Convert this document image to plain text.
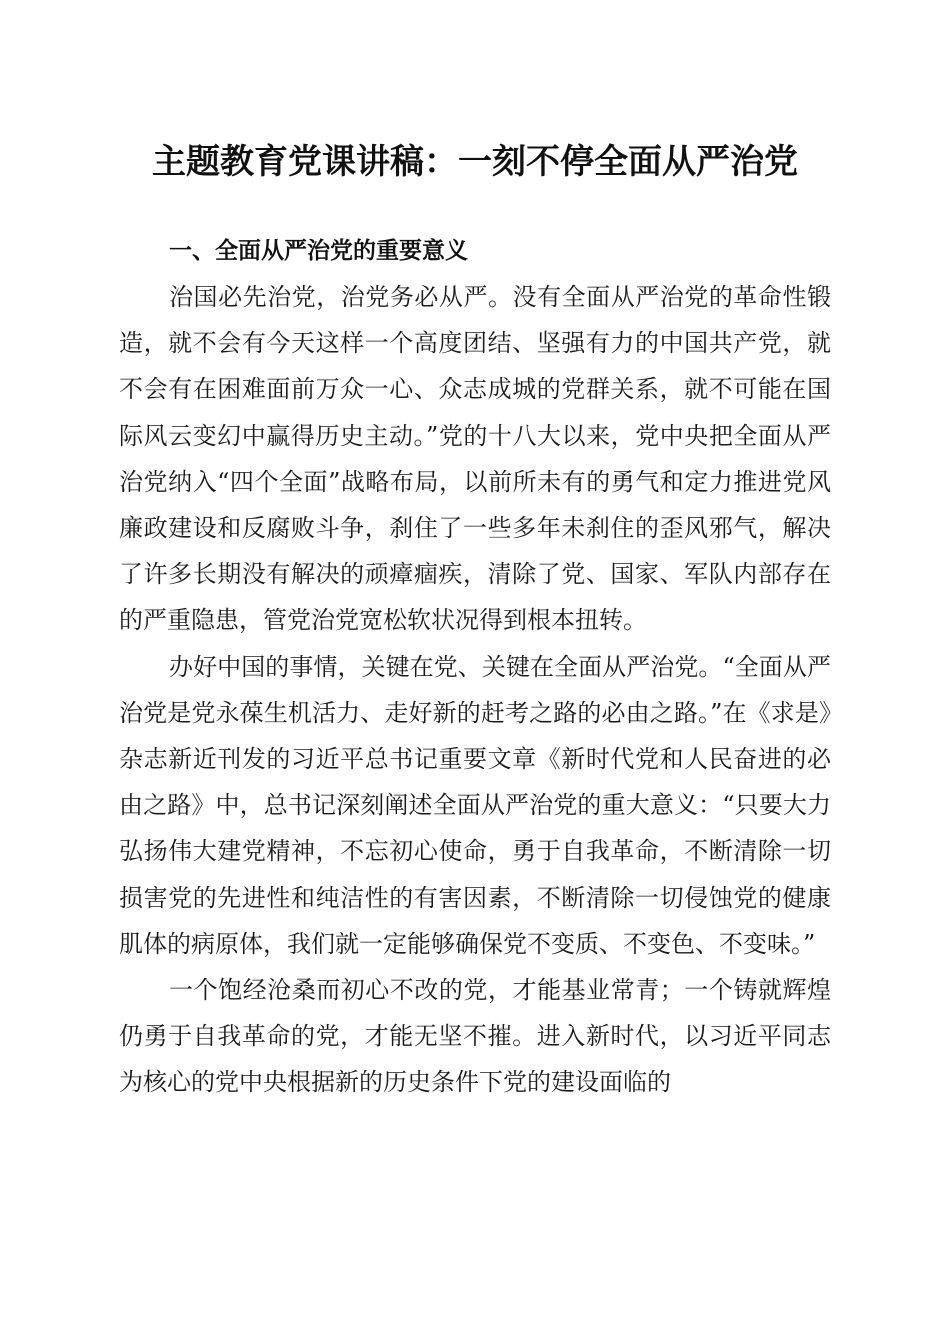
主题教育党课讲稿：一刻不停全面从严治党
一、全面从严治党的重要意义

治国必先治党，治党务必从严。没有全面从严治党的革命性锻造，就不会有今天这样一个高度团结、坚强有力的中国共产党，就不会有在困难面前万众一心、众志成城的党群关系，就不可能在国际风云变幻中赢得历史主动。”党的十八大以来，党中央把全面从严治党纳入“四个全面”战略布局，以前所未有的勇气和定力推进党风廉政建设和反腐败斗争，刹住了一些多年未刹住的歪风邪气，解决了许多长期没有解决的顽瘴痼疾，清除了党、国家、军队内部存在的严重隐患，管党治党宽松软状况得到根本扭转。

办好中国的事情，关键在党、关键在全面从严治党。“全面从严治党是党永葆生机活力、走好新的赶考之路的必由之路。”在《求是》杂志新近刊发的习近平总书记重要文章《新时代党和人民奋进的必由之路》中，总书记深刻阐述全面从严治党的重大意义：“只要大力弘扬伟大建党精神，不忘初心使命，勇于自我革命，不断清除一切损害党的先进性和纯洁性的有害因素，不断清除一切侵蚀党的健康肌体的病原体，我们就一定能够确保党不变质、不变色、不变味。”

一个饱经沧桑而初心不改的党，才能基业常青；一个铸就辉煌仍勇于自我革命的党，才能无坚不摧。进入新时代，以习近平同志为核心的党中央根据新的历史条件下党的建设面临的
